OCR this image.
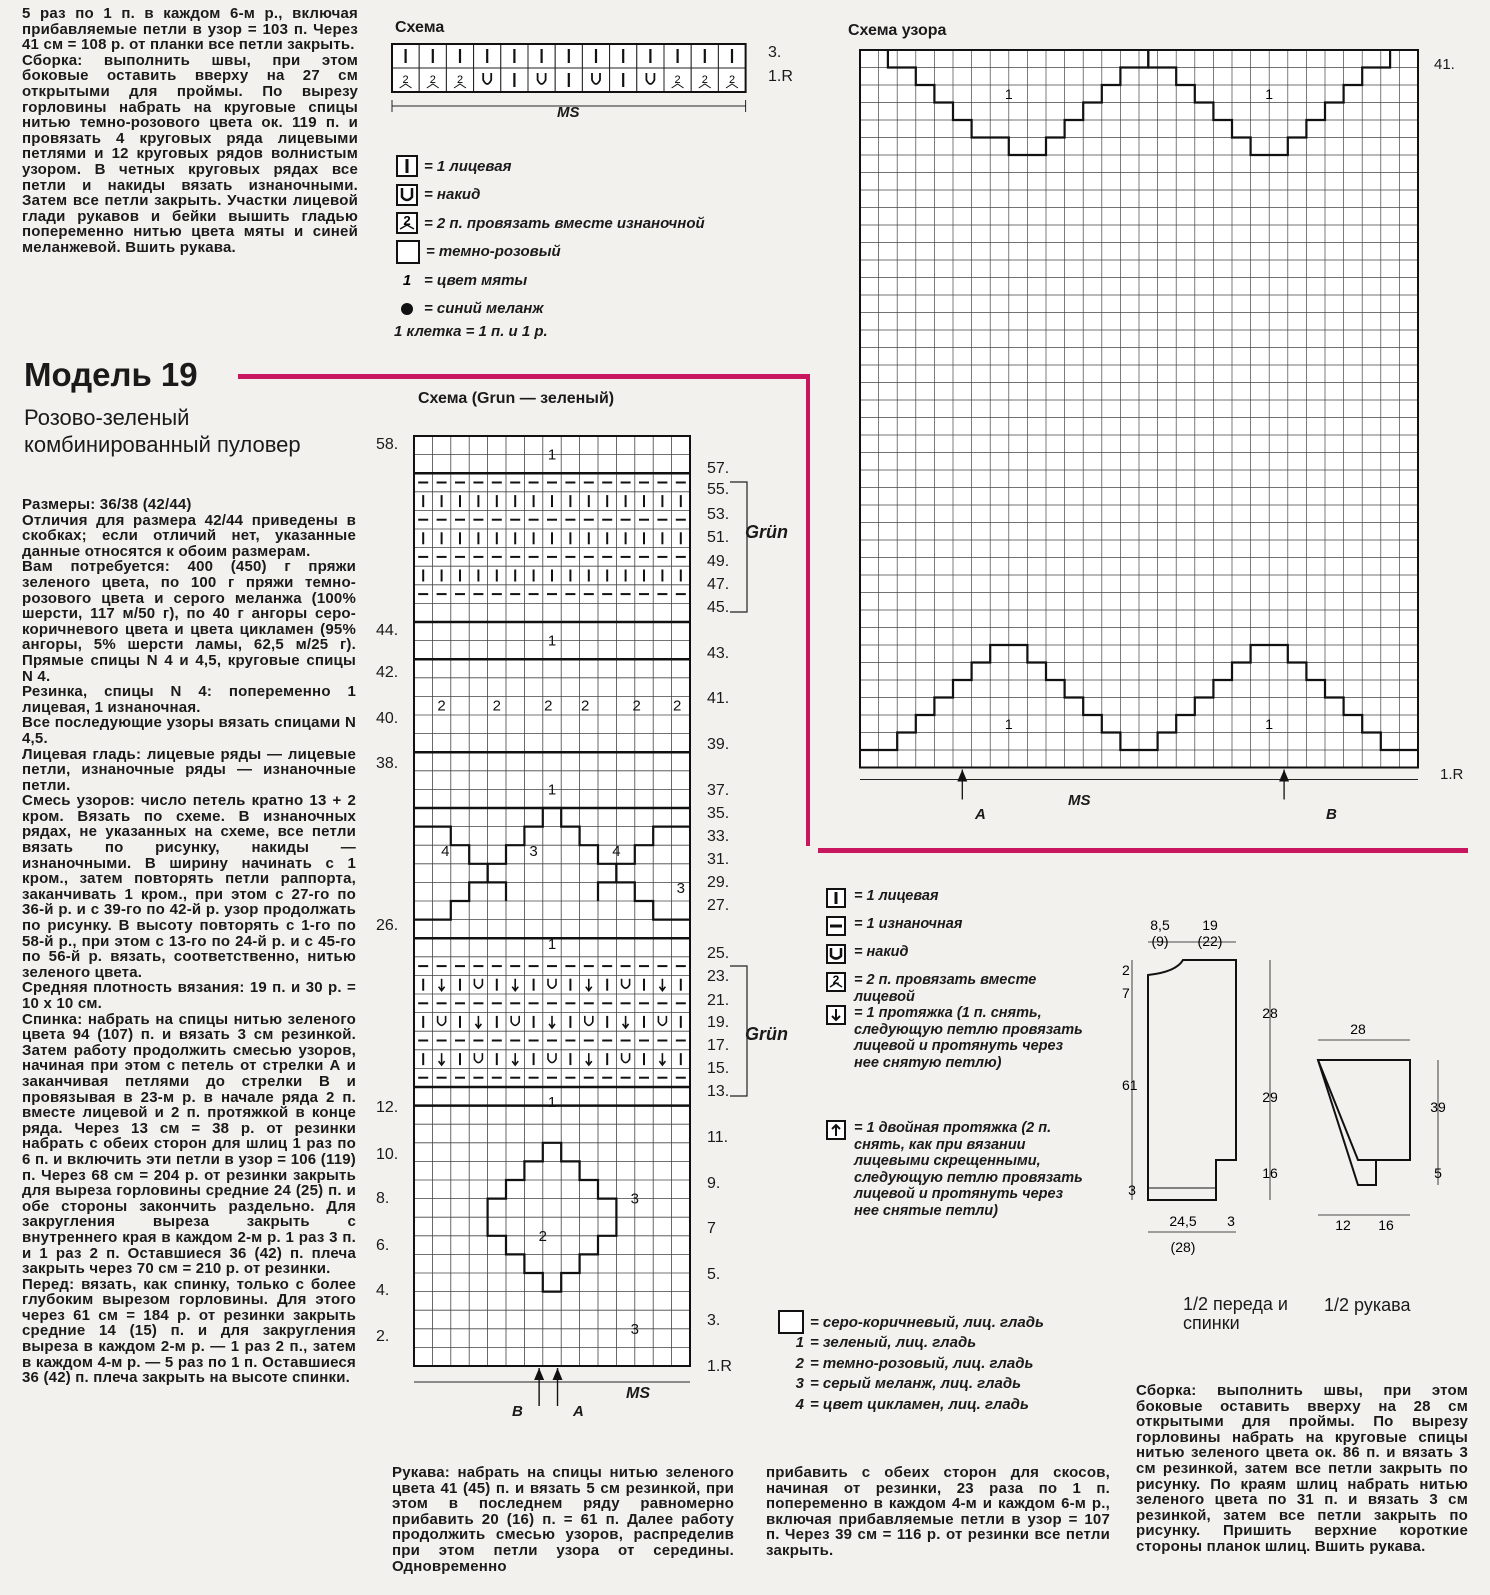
5 раз по 1 п. в каждом 6-м р., включая прибавляемые петли в узор = 103 п. Через 41 см = 108 р. от планки все петли закрыть.
Сборка: выполнить швы, при этом боковые оставить вверху на 27 см открытыми для проймы. По вырезу горловины набрать на круговые спицы нитью темно-розового цвета ок. 119 п. и провязать 4 круговых ряда лицевыми петлями и 12 круговых рядов волнистым узором. В четных круговых рядах все петли и накиды вязать изнаночными. Затем все петли закрыть. Участки лицевой глади рукавов и бейки вышить гладью попеременно нитью цвета мяты и синей меланжевой. Вшить рукава.
Модель 19
Розово-зеленый комбинированный пуловер
Размеры: 36/38 (42/44)
Отличия для размера 42/44 приведены в скобках; если отличий нет, указанные данные относятся к обоим размерам.
Вам потребуется: 400 (450) г пряжи зеленого цвета, по 100 г пряжи темно-розового цвета и серого меланжа (100% шерсти, 117 м/50 г), по 40 г ангоры серо-коричневого цвета и цвета цикламен (95% ангоры, 5% шерсти ламы, 62,5 м/25 г). Прямые спицы N 4 и 4,5, круговые спицы N 4.
Резинка, спицы N 4: попеременно 1 лицевая, 1 изнаночная.
Все последующие узоры вязать спицами N 4,5.
Лицевая гладь: лицевые ряды — лицевые петли, изнаночные ряды — изнаночные петли.
Смесь узоров: число петель кратно 13 + 2 кром. Вязать по схеме. В изнаночных рядах, не указанных на схеме, все петли вязать по рисунку, накиды — изнаночными. В ширину начинать с 1 кром., затем повторять петли раппорта, заканчивать 1 кром., при этом с 27-го по 36-й р. и с 39-го по 42-й р. узор продолжать по рисунку. В высоту повторять с 1-го по 58-й р., при этом с 13-го по 24-й р. и с 45-го по 56-й р. вязать, соответственно, нитью зеленого цвета.
Средняя плотность вязания: 19 п. и 30 р. = 10 х 10 см.
Спинка: набрать на спицы нитью зеленого цвета 94 (107) п. и вязать 3 см резинкой. Затем работу продолжить смесью узоров, начиная при этом с петель от стрелки А и заканчивая петлями до стрелки В и провязывая в 23-м р. в начале ряда 2 п. вместе лицевой и 2 п. протяжкой в конце ряда. Через 13 см = 38 р. от резинки набрать с обеих сторон для шлиц 1 раз по 6 п. и включить эти петли в узор = 106 (119) п. Через 68 см = 204 р. от резинки закрыть для выреза горловины средние 24 (25) п. и обе стороны закончить раздельно. Для закругления выреза закрыть с внутреннего края в каждом 2-м р. 1 раз 3 п. и 1 раз 2 п. Оставшиеся 36 (42) п. плеча закрыть через 70 см = 210 р. от резинки.
Перед: вязать, как спинку, только с более глубоким вырезом горловины. Для этого через 61 см = 184 р. от резинки закрыть средние 14 (15) п. и для закругления выреза в каждом 2-м р. — 1 раз 2 п., затем в каждом 4-м р. — 5 раз по 1 п. Оставшиеся 36 (42) п. плеча закрыть на высоте спинки.
Схема
2 2 2	2 2 2
3.
1.R
MS
= 1 лицевая
= накид
2 = 2 п. провязать вместе изнаночной
= темно-розовый
1 = цвет мяты
= синий меланж
1 клетка = 1 п. и 1 р.
Схема (Grun — зеленый)
1
1
2	2	2 2	2 2
1
4	3	4
3
1
1
3
2
3
58.
44.
42.
40.
38.
26.
12.
10.
8.
6.
4.
2.
57.
55.
53.
51.
49.
47.
45.
43.
41.
39.
37.
35.
33.
31.
29.
27.
25.
23.
21.
19.
17.
15.
13.
11.
9.
7
5.
3.
1.R
Grün
Grün
B	A
MS
Схема узора
1	1
1	1
41.
1.R
A	B
MS
= 1 лицевая
= 1 изнаночная
= накид
2 = 2 п. провязать вместе лицевой
= 1 протяжка (1 п. снять, следующую петлю провязать лицевой и протянуть через нее снятую петлю)
= 1 двойная протяжка (2 п. снять, как при вязании лицевыми скрещенными, следующую петлю провязать лицевой и протянуть через нее снятые петли)
= серо-коричневый, лиц. гладь
1 = зеленый, лиц. гладь
2 = темно-розовый, лиц. гладь
3 = серый меланж, лиц. гладь
4 = цвет цикламен, лиц. гладь
8,5
(9)
19
(22)
2
7
28
61
29
16
3
24,5
(28)
3
28
39
5
12 16
1/2 переда и спинки
1/2 рукава
Рукава: набрать на спицы нитью зеленого цвета 41 (45) п. и вязать 5 см резинкой, при этом в последнем ряду равномерно прибавить 20 (16) п. = 61 п. Далее работу продолжить смесью узоров, распределив при этом петли узора от середины. Одновременно
прибавить с обеих сторон для скосов, начиная от резинки, 23 раза по 1 п. попеременно в каждом 4-м и каждом 6-м р., включая прибавляемые петли в узор = 107 п. Через 39 см = 116 р. от резинки все петли закрыть.
Сборка: выполнить швы, при этом боковые оставить вверху на 28 см открытыми для проймы. По вырезу горловины набрать на круговые спицы нитью зеленого цвета ок. 86 п. и вязать 3 см резинкой, затем все петли закрыть по рисунку. По краям шлиц набрать нитью зеленого цвета по 31 п. и вязать 3 см резинкой, затем все петли закрыть по рисунку. Пришить верхние короткие стороны планок шлиц. Вшить рукава.
